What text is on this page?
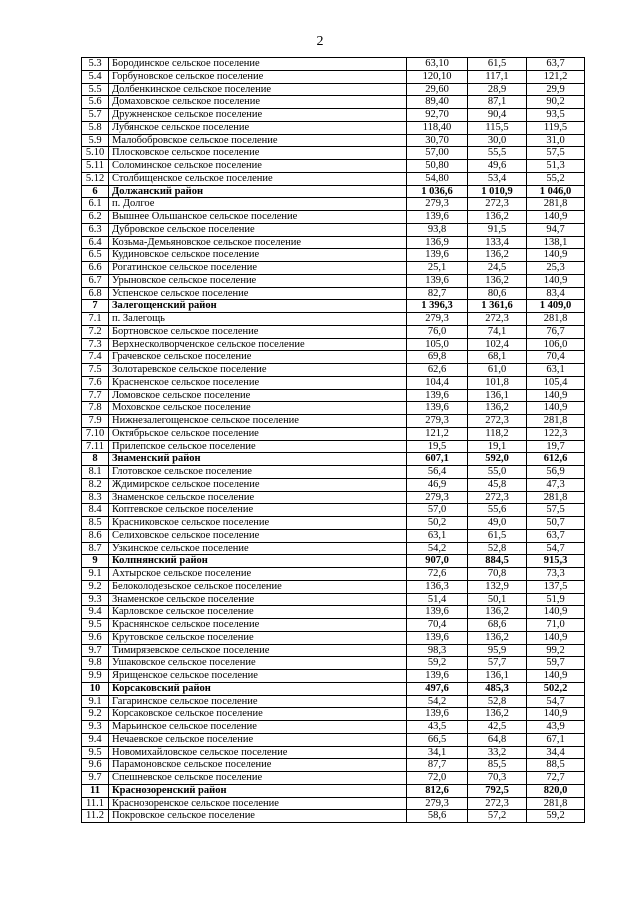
2
5.3	Бородинское сельское поселение	63,10	61,5	63,7
5.4	Горбуновское сельское поселение	120,10	117,1	121,2
5.5	Долбенкинское сельское поселение	29,60	28,9	29,9
5.6	Домаховское сельское поселение	89,40	87,1	90,2
5.7	Дружненское сельское поселение	92,70	90,4	93,5
5.8	Лубянское сельское поселение	118,40	115,5	119,5
5.9	Малобобровское сельское поселение	30,70	30,0	31,0
5.10	Плосковское сельское поселение	57,00	55,5	57,5
5.11	Соломинское сельское поселение	50,80	49,6	51,3
5.12	Столбищенское сельское поселение	54,80	53,4	55,2
6	Должанский район	1 036,6	1 010,9	1 046,0
6.1	п. Долгое	279,3	272,3	281,8
6.2	Вышнее Ольшанское сельское поселение	139,6	136,2	140,9
6.3	Дубровское сельское поселение	93,8	91,5	94,7
6.4	Козьма-Демьяновское сельское поселение	136,9	133,4	138,1
6.5	Кудиновское сельское поселение	139,6	136,2	140,9
6.6	Рогатинское сельское поселение	25,1	24,5	25,3
6.7	Урыновское сельское поселение	139,6	136,2	140,9
6.8	Успенское сельское поселение	82,7	80,6	83,4
7	Залегощенский район	1 396,3	1 361,6	1 409,0
7.1	п. Залегощь	279,3	272,3	281,8
7.2	Бортновское сельское поселение	76,0	74,1	76,7
7.3	Верхнесколворченское сельское поселение	105,0	102,4	106,0
7.4	Грачевское сельское поселение	69,8	68,1	70,4
7.5	Золотаревское сельское поселение	62,6	61,0	63,1
7.6	Красненское сельское поселение	104,4	101,8	105,4
7.7	Ломовское сельское поселение	139,6	136,1	140,9
7.8	Моховское сельское поселение	139,6	136,2	140,9
7.9	Нижнезалегощенское сельское поселение	279,3	272,3	281,8
7.10	Октябрьское сельское поселение	121,2	118,2	122,3
7.11	Прилепское сельское поселение	19,5	19,1	19,7
8	Знаменский район	607,1	592,0	612,6
8.1	Глотовское сельское поселение	56,4	55,0	56,9
8.2	Ждимирское сельское поселение	46,9	45,8	47,3
8.3	Знаменское сельское поселение	279,3	272,3	281,8
8.4	Коптевское сельское поселение	57,0	55,6	57,5
8.5	Красниковское сельское поселение	50,2	49,0	50,7
8.6	Селиховское сельское поселение	63,1	61,5	63,7
8.7	Узкинское сельское поселение	54,2	52,8	54,7
9	Колпнянский район	907,0	884,5	915,3
9.1	Ахтырское сельское поселение	72,6	70,8	73,3
9.2	Белоколодезьское сельское поселение	136,3	132,9	137,5
9.3	Знаменское сельское поселение	51,4	50,1	51,9
9.4	Карловское сельское поселение	139,6	136,2	140,9
9.5	Краснянское сельское поселение	70,4	68,6	71,0
9.6	Крутовское сельское поселение	139,6	136,2	140,9
9.7	Тимирязевское сельское поселение	98,3	95,9	99,2
9.8	Ушаковское сельское поселение	59,2	57,7	59,7
9.9	Ярищенское сельское поселение	139,6	136,1	140,9
10	Корсаковский район	497,6	485,3	502,2
9.1	Гагаринское сельское поселение	54,2	52,8	54,7
9.2	Корсаковское сельское поселение	139,6	136,2	140,9
9.3	Марьинское сельское поселение	43,5	42,5	43,9
9.4	Нечаевское сельское поселение	66,5	64,8	67,1
9.5	Новомихайловское сельское поселение	34,1	33,2	34,4
9.6	Парамоновское сельское поселение	87,7	85,5	88,5
9.7	Спешневское сельское поселение	72,0	70,3	72,7
11	Краснозоренский район	812,6	792,5	820,0
11.1	Краснозоренское сельское поселение	279,3	272,3	281,8
11.2	Покровское сельское поселение	58,6	57,2	59,2
